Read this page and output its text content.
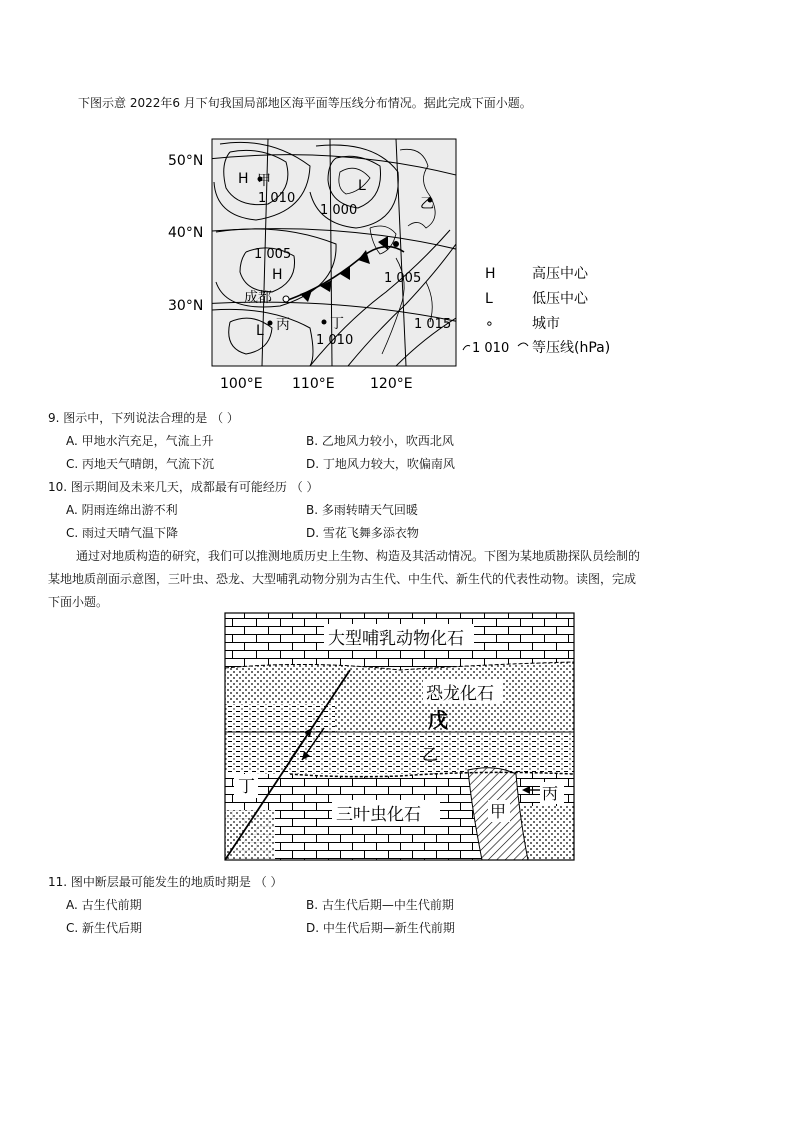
下图示意 2022年6 月下旬我国局部地区海平面等压线分布情况。据此完成下面小题。
50°N
40°N
30°N
100°E 110°E	120°E
H 甲
1 010
L
1 000
1 005
H
成都
L 丙	丁
1 010
1 005
乙
1 015
H	高压中心
L	低压中心
∘	城市
1 010 等压线(hPa)
9. 图示中，下列说法合理的是 （ ）
A. 甲地水汽充足，气流上升	B. 乙地风力较小，吹西北风
C. 丙地天气晴朗，气流下沉	D. 丁地风力较大，吹偏南风
10. 图示期间及未来几天，成都最有可能经历 （ ）
A. 阴雨连绵出游不利	B. 多雨转晴天气回暖
C. 雨过天晴气温下降	D. 雪花飞舞多添衣物
通过对地质构造的研究，我们可以推测地质历史上生物、构造及其活动情况。下图为某地质勘探队员绘制的
某地地质剖面示意图，三叶虫、恐龙、大型哺乳动物分别为古生代、中生代、新生代的代表性动物。读图，完成
下面小题。
大型哺乳动物化石
恐龙化石
戊
乙
丁
三叶虫化石	甲
丙
11. 图中断层最可能发生的地质时期是 （ ）
A. 古生代前期	B. 古生代后期—中生代前期
C. 新生代后期	D. 中生代后期—新生代前期
